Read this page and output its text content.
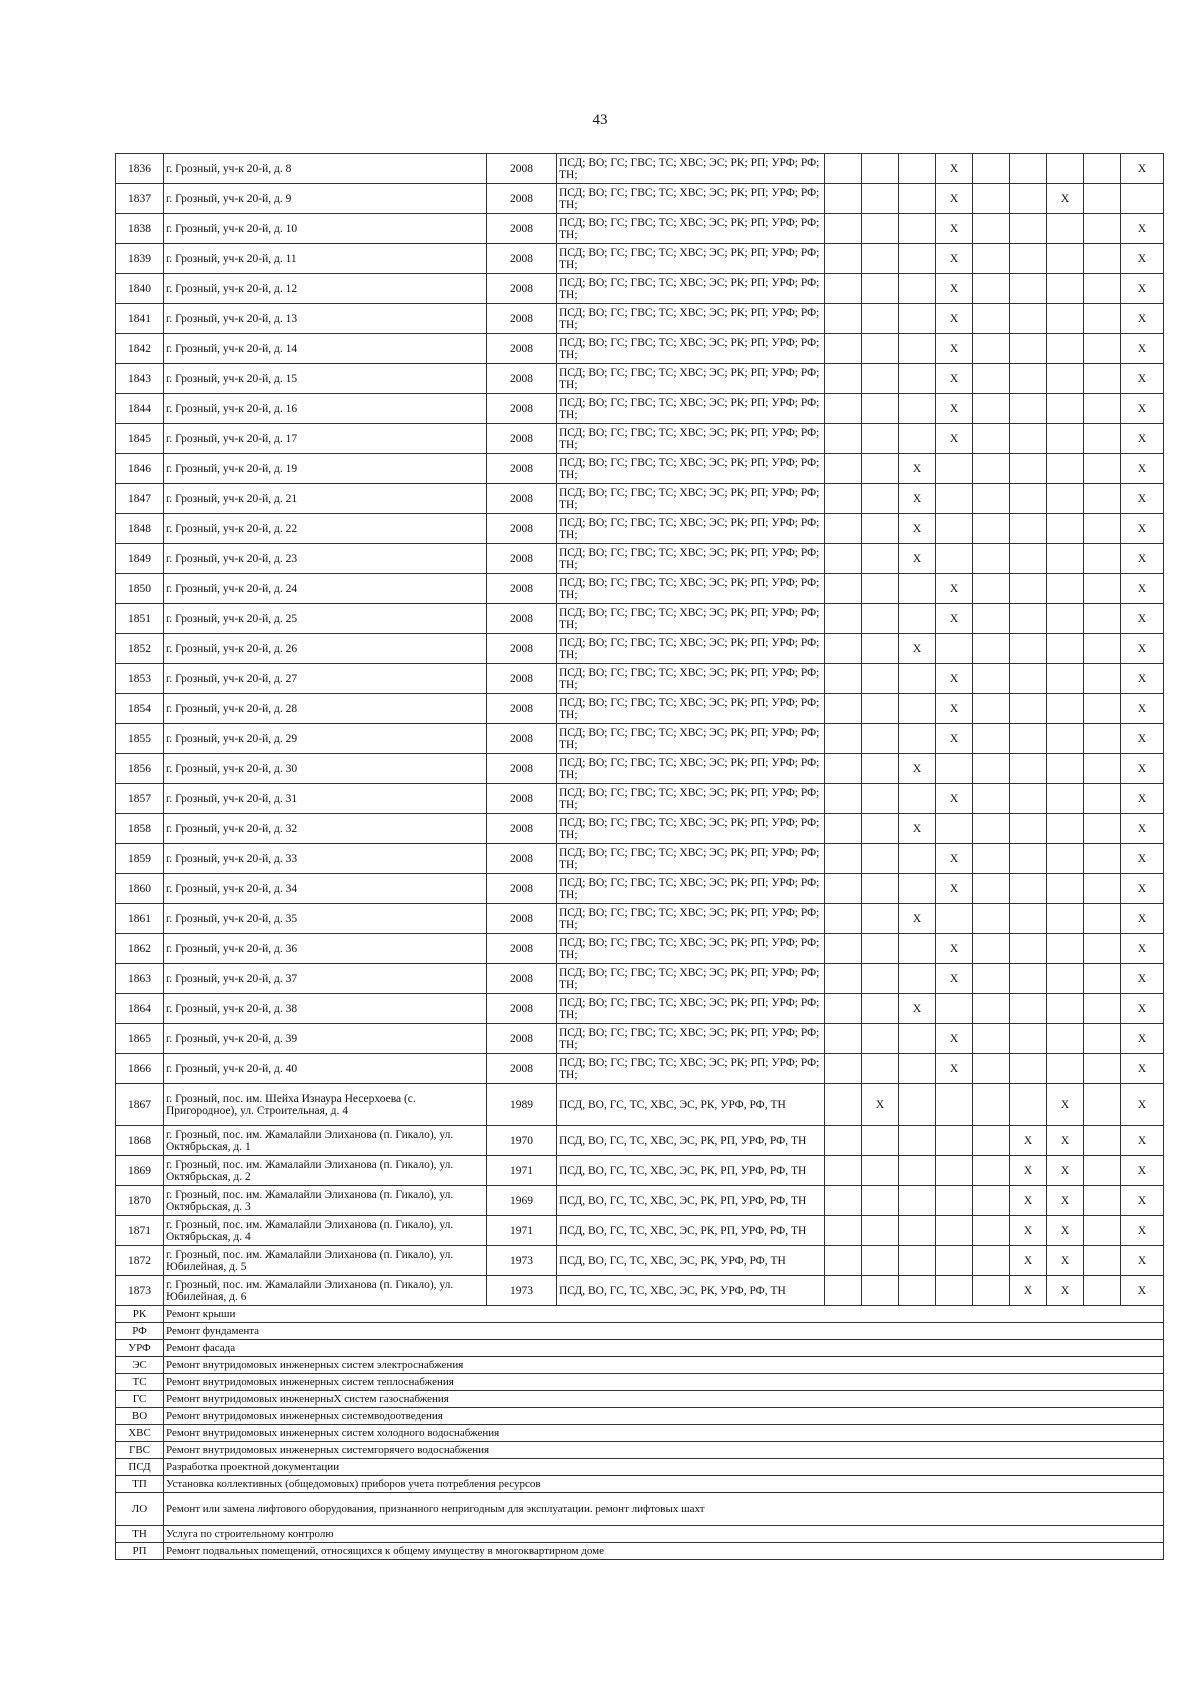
43
1836	г. Грозный, уч-к 20-й, д. 8	2008	ПСД; ВО; ГС; ГВС; ТС; ХВС; ЭС; РК; РП; УРФ; РФ; ТН;				X					X
1837	г. Грозный, уч-к 20-й, д. 9	2008	ПСД; ВО; ГС; ГВС; ТС; ХВС; ЭС; РК; РП; УРФ; РФ; ТН;				X			X		
1838	г. Грозный, уч-к 20-й, д. 10	2008	ПСД; ВО; ГС; ГВС; ТС; ХВС; ЭС; РК; РП; УРФ; РФ; ТН;				X					X
1839	г. Грозный, уч-к 20-й, д. 11	2008	ПСД; ВО; ГС; ГВС; ТС; ХВС; ЭС; РК; РП; УРФ; РФ; ТН;				X					X
1840	г. Грозный, уч-к 20-й, д. 12	2008	ПСД; ВО; ГС; ГВС; ТС; ХВС; ЭС; РК; РП; УРФ; РФ; ТН;				X					X
1841	г. Грозный, уч-к 20-й, д. 13	2008	ПСД; ВО; ГС; ГВС; ТС; ХВС; ЭС; РК; РП; УРФ; РФ; ТН;				X					X
1842	г. Грозный, уч-к 20-й, д. 14	2008	ПСД; ВО; ГС; ГВС; ТС; ХВС; ЭС; РК; РП; УРФ; РФ; ТН;				X					X
1843	г. Грозный, уч-к 20-й, д. 15	2008	ПСД; ВО; ГС; ГВС; ТС; ХВС; ЭС; РК; РП; УРФ; РФ; ТН;				X					X
1844	г. Грозный, уч-к 20-й, д. 16	2008	ПСД; ВО; ГС; ГВС; ТС; ХВС; ЭС; РК; РП; УРФ; РФ; ТН;				X					X
1845	г. Грозный, уч-к 20-й, д. 17	2008	ПСД; ВО; ГС; ГВС; ТС; ХВС; ЭС; РК; РП; УРФ; РФ; ТН;				X					X
1846	г. Грозный, уч-к 20-й, д. 19	2008	ПСД; ВО; ГС; ГВС; ТС; ХВС; ЭС; РК; РП; УРФ; РФ; ТН;			X						X
1847	г. Грозный, уч-к 20-й, д. 21	2008	ПСД; ВО; ГС; ГВС; ТС; ХВС; ЭС; РК; РП; УРФ; РФ; ТН;			X						X
1848	г. Грозный, уч-к 20-й, д. 22	2008	ПСД; ВО; ГС; ГВС; ТС; ХВС; ЭС; РК; РП; УРФ; РФ; ТН;			X						X
1849	г. Грозный, уч-к 20-й, д. 23	2008	ПСД; ВО; ГС; ГВС; ТС; ХВС; ЭС; РК; РП; УРФ; РФ; ТН;			X						X
1850	г. Грозный, уч-к 20-й, д. 24	2008	ПСД; ВО; ГС; ГВС; ТС; ХВС; ЭС; РК; РП; УРФ; РФ; ТН;				X					X
1851	г. Грозный, уч-к 20-й, д. 25	2008	ПСД; ВО; ГС; ГВС; ТС; ХВС; ЭС; РК; РП; УРФ; РФ; ТН;				X					X
1852	г. Грозный, уч-к 20-й, д. 26	2008	ПСД; ВО; ГС; ГВС; ТС; ХВС; ЭС; РК; РП; УРФ; РФ; ТН;			X						X
1853	г. Грозный, уч-к 20-й, д. 27	2008	ПСД; ВО; ГС; ГВС; ТС; ХВС; ЭС; РК; РП; УРФ; РФ; ТН;				X					X
1854	г. Грозный, уч-к 20-й, д. 28	2008	ПСД; ВО; ГС; ГВС; ТС; ХВС; ЭС; РК; РП; УРФ; РФ; ТН;				X					X
1855	г. Грозный, уч-к 20-й, д. 29	2008	ПСД; ВО; ГС; ГВС; ТС; ХВС; ЭС; РК; РП; УРФ; РФ; ТН;				X					X
1856	г. Грозный, уч-к 20-й, д. 30	2008	ПСД; ВО; ГС; ГВС; ТС; ХВС; ЭС; РК; РП; УРФ; РФ; ТН;			X						X
1857	г. Грозный, уч-к 20-й, д. 31	2008	ПСД; ВО; ГС; ГВС; ТС; ХВС; ЭС; РК; РП; УРФ; РФ; ТН;				X					X
1858	г. Грозный, уч-к 20-й, д. 32	2008	ПСД; ВО; ГС; ГВС; ТС; ХВС; ЭС; РК; РП; УРФ; РФ; ТН;			X						X
1859	г. Грозный, уч-к 20-й, д. 33	2008	ПСД; ВО; ГС; ГВС; ТС; ХВС; ЭС; РК; РП; УРФ; РФ; ТН;				X					X
1860	г. Грозный, уч-к 20-й, д. 34	2008	ПСД; ВО; ГС; ГВС; ТС; ХВС; ЭС; РК; РП; УРФ; РФ; ТН;				X					X
1861	г. Грозный, уч-к 20-й, д. 35	2008	ПСД; ВО; ГС; ГВС; ТС; ХВС; ЭС; РК; РП; УРФ; РФ; ТН;			X						X
1862	г. Грозный, уч-к 20-й, д. 36	2008	ПСД; ВО; ГС; ГВС; ТС; ХВС; ЭС; РК; РП; УРФ; РФ; ТН;				X					X
1863	г. Грозный, уч-к 20-й, д. 37	2008	ПСД; ВО; ГС; ГВС; ТС; ХВС; ЭС; РК; РП; УРФ; РФ; ТН;				X					X
1864	г. Грозный, уч-к 20-й, д. 38	2008	ПСД; ВО; ГС; ГВС; ТС; ХВС; ЭС; РК; РП; УРФ; РФ; ТН;			X						X
1865	г. Грозный, уч-к 20-й, д. 39	2008	ПСД; ВО; ГС; ГВС; ТС; ХВС; ЭС; РК; РП; УРФ; РФ; ТН;				X					X
1866	г. Грозный, уч-к 20-й, д. 40	2008	ПСД; ВО; ГС; ГВС; ТС; ХВС; ЭС; РК; РП; УРФ; РФ; ТН;				X					X
1867	г. Грозный, пос. им. Шейха Изнаура Несерхоева (с. Пригородное), ул. Строительная, д. 4	1989	ПСД, ВО, ГС, ТС, ХВС, ЭС, РК, УРФ, РФ, ТН		X					X		X
1868	г. Грозный, пос. им. Жамалайли Элиханова (п. Гикало), ул. Октябрьская, д. 1	1970	ПСД, ВО, ГС, ТС, ХВС, ЭС, РК, РП, УРФ, РФ, ТН						X	X		X
1869	г. Грозный, пос. им. Жамалайли Элиханова (п. Гикало), ул. Октябрьская, д. 2	1971	ПСД, ВО, ГС, ТС, ХВС, ЭС, РК, РП, УРФ, РФ, ТН						X	X		X
1870	г. Грозный, пос. им. Жамалайли Элиханова (п. Гикало), ул. Октябрьская, д. 3	1969	ПСД, ВО, ГС, ТС, ХВС, ЭС, РК, РП, УРФ, РФ, ТН						X	X		X
1871	г. Грозный, пос. им. Жамалайли Элиханова (п. Гикало), ул. Октябрьская, д. 4	1971	ПСД, ВО, ГС, ТС, ХВС, ЭС, РК, РП, УРФ, РФ, ТН						X	X		X
1872	г. Грозный, пос. им. Жамалайли Элиханова (п. Гикало), ул. Юбилейная, д. 5	1973	ПСД, ВО, ГС, ТС, ХВС, ЭС, РК, УРФ, РФ, ТН						X	X		X
1873	г. Грозный, пос. им. Жамалайли Элиханова (п. Гикало), ул. Юбилейная, д. 6	1973	ПСД, ВО, ГС, ТС, ХВС, ЭС, РК, УРФ, РФ, ТН						X	X		X
РК	Ремонт крыши
РФ	Ремонт фундамента
УРФ	Ремонт фасада
ЭС	Ремонт внутридомовых инженерных систем электроснабжения
ТС	Ремонт внутридомовых инженерных систем теплоснабжения
ГС	Ремонт внутридомовых инженерныХ систем газоснабжения
ВО	Ремонт внутридомовых инженерных системводоотведения
ХВС	Ремонт внутридомовых инженерных систем холодного водоснабжения
ГВС	Ремонт внутридомовых инженерных системгорячего водоснабжения
ПСД	Разработка проектной документации
ТП	Установка коллективных (общедомовых) приборов учета потребления ресурсов
ЛО	Ремонт или замена лифтового оборудования, признанного непригодным для эксплуатации. ремонт лифтовых шахт
ТН	Услуга по строительному контролю
РП	Ремонт подвальных помещений, относящихся к общему имуществу в многоквартирном доме
